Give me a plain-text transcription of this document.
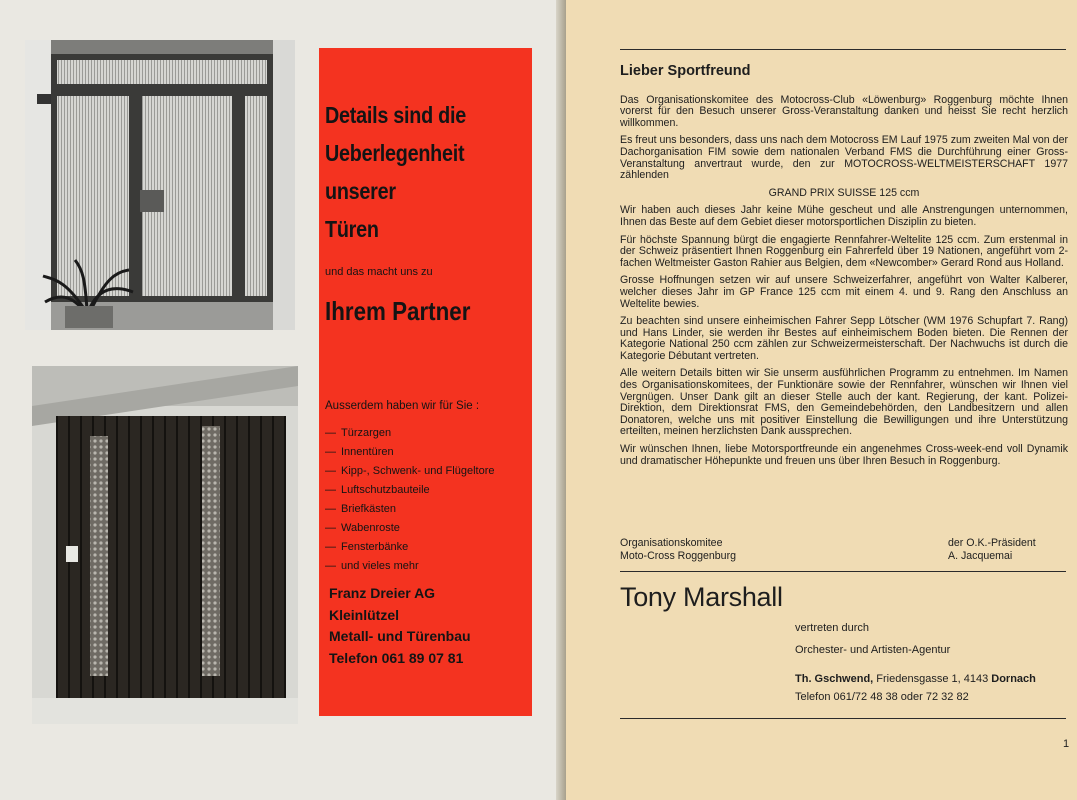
Details sind die
Ueberlegenheit
unserer
Türen
und das macht uns zu
Ihrem Partner
Ausserdem haben wir für Sie :
— Türzargen
— Innentüren
— Kipp-, Schwenk- und Flügeltore
— Luftschutzbauteile
— Briefkästen
— Wabenroste
— Fensterbänke
— und vieles mehr
Franz Dreier AG
Kleinlützel
Metall- und Türenbau
Telefon 061 89 07 81
Lieber Sportfreund

Das Organisationskomitee des Motocross-Club «Löwenburg» Roggenburg möchte Ihnen vorerst für den Besuch unserer Gross-Veranstaltung danken und heisst Sie recht herzlich willkommen.

Es freut uns besonders, dass uns nach dem Motocross EM Lauf 1975 zum zweiten Mal von der Dachorganisation FIM sowie dem nationalen Verband FMS die Durchführung einer Gross-Veranstaltung anvertraut wurde, den zur MOTOCROSS-WELTMEISTERSCHAFT 1977 zählenden

GRAND PRIX SUISSE 125 ccm

Wir haben auch dieses Jahr keine Mühe gescheut und alle Anstrengungen unternommen, Ihnen das Beste auf dem Gebiet dieser motorsportlichen Disziplin zu bieten.

Für höchste Spannung bürgt die engagierte Rennfahrer-Weltelite 125 ccm. Zum erstenmal in der Schweiz präsentiert Ihnen Roggenburg ein Fahrerfeld über 19 Nationen, angeführt vom 2-fachen Weltmeister Gaston Rahier aus Belgien, dem «Newcomber» Gerard Rond aus Holland.

Grosse Hoffnungen setzen wir auf unsere Schweizerfahrer, angeführt von Walter Kalberer, welcher dieses Jahr im GP France 125 ccm mit einem 4. und 9. Rang den Anschluss an Weltelite bewies.

Zu beachten sind unsere einheimischen Fahrer Sepp Lötscher (WM 1976 Schupfart 7. Rang) und Hans Linder, sie werden ihr Bestes auf einheimischem Boden bieten. Die Rennen der Kategorie National 250 ccm zählen zur Schweizermeisterschaft. Der Nachwuchs ist durch die Kategorie Débutant vertreten.

Alle weitern Details bitten wir Sie unserm ausführlichen Programm zu entnehmen. Im Namen des Organisationskomitees, der Funktionäre sowie der Rennfahrer, wünschen wir Ihnen viel Vergnügen. Unser Dank gilt an dieser Stelle auch der kant. Regierung, der kant. Polizei-Direktion, dem Direktionsrat FMS, den Gemeindebehörden, den Landbesitzern und allen Donatoren, welche uns mit positiver Einstellung die Bewilligungen und ihre Unterstützung erteilten, meinen herzlichsten Dank aussprechen.

Wir wünschen Ihnen, liebe Motorsportfreunde ein angenehmes Cross-week-end voll Dynamik und dramatischer Höhepunkte und freuen uns über Ihren Besuch in Roggenburg.

Organisationskomitee
Moto-Cross Roggenburg
der O.K.-Präsident
A. Jacquemai
Tony Marshall
vertreten durch
Orchester- und Artisten-Agentur
Th. Gschwend, Friedensgasse 1, 4143 Dornach
Telefon 061/72 48 38 oder 72 32 82
1
